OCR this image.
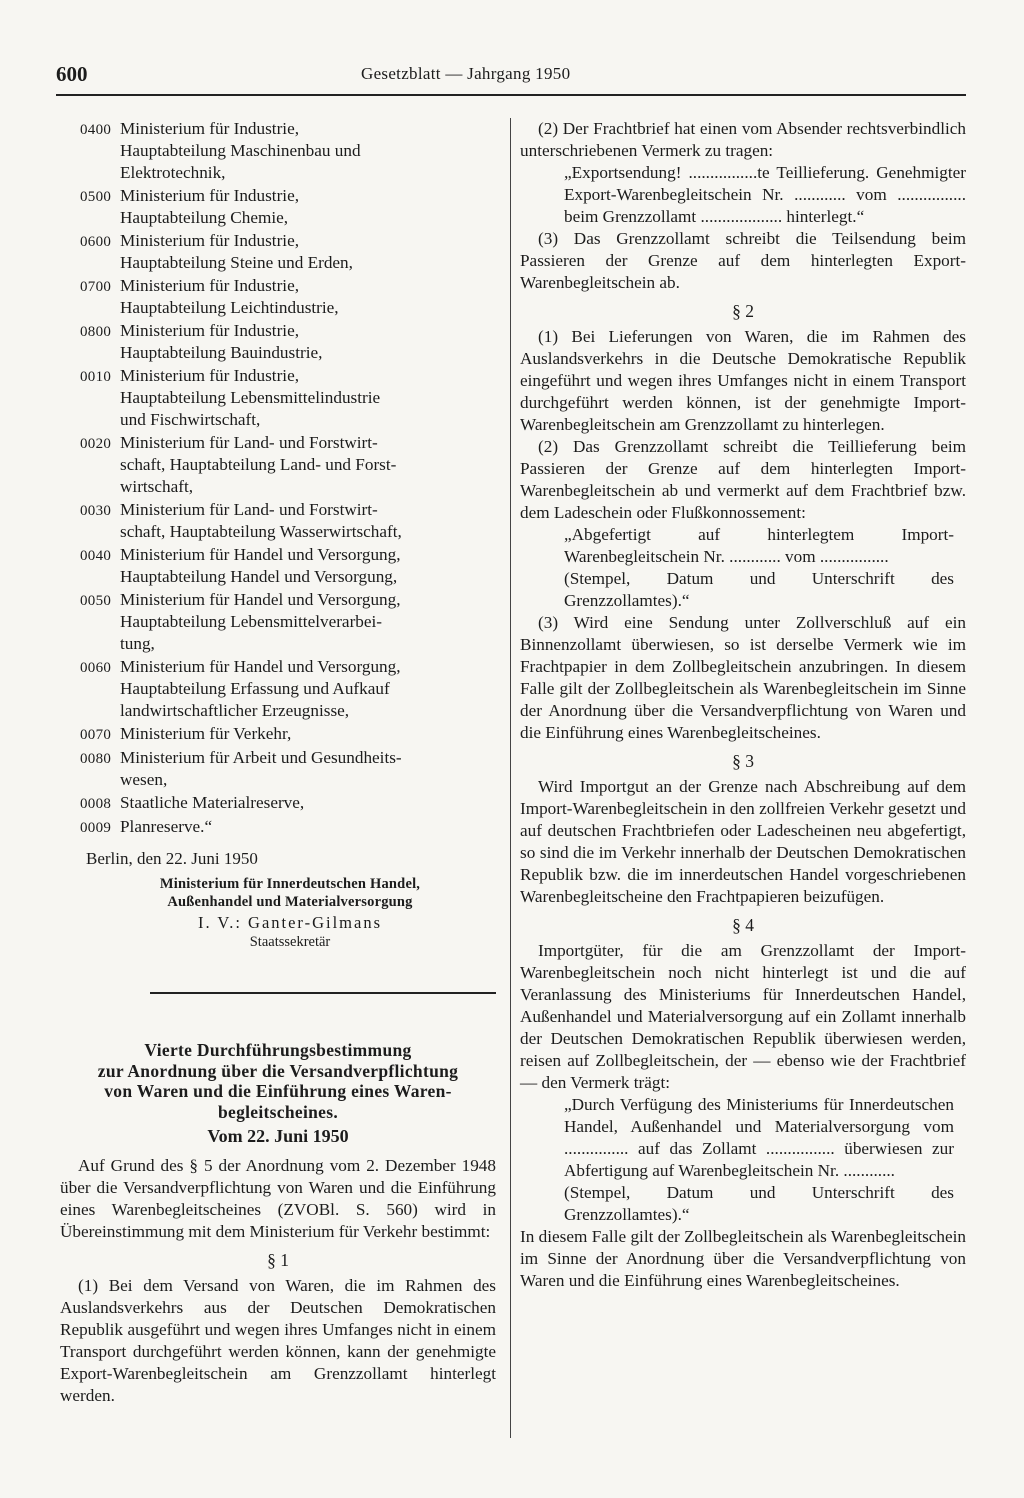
600	Gesetzblatt — Jahrgang 1950
0400 Ministerium für Industrie,
Hauptabteilung Maschinenbau und
Elektrotechnik,
0500 Ministerium für Industrie,
Hauptabteilung Chemie,
0600 Ministerium für Industrie,
Hauptabteilung Steine und Erden,
0700 Ministerium für Industrie,
Hauptabteilung Leichtindustrie,
0800 Ministerium für Industrie,
Hauptabteilung Bauindustrie,
0010 Ministerium für Industrie,
Hauptabteilung Lebensmittelindustrie
und Fischwirtschaft,
0020 Ministerium für Land- und Forstwirt-
schaft, Hauptabteilung Land- und Forst-
wirtschaft,
0030 Ministerium für Land- und Forstwirt-
schaft, Hauptabteilung Wasserwirtschaft,
0040 Ministerium für Handel und Versorgung,
Hauptabteilung Handel und Versorgung,
0050 Ministerium für Handel und Versorgung,
Hauptabteilung Lebensmittelverarbei-
tung,
0060 Ministerium für Handel und Versorgung,
Hauptabteilung Erfassung und Aufkauf
landwirtschaftlicher Erzeugnisse,
0070 Ministerium für Verkehr,
0080 Ministerium für Arbeit und Gesundheits-
wesen,
0008 Staatliche Materialreserve,
0009 Planreserve.“
Berlin, den 22. Juni 1950
Ministerium für Innerdeutschen Handel,
Außenhandel und Materialversorgung
I. V.: Ganter-Gilmans
Staatssekretär
Vierte Durchführungsbestimmung
zur Anordnung über die Versandverpflichtung
von Waren und die Einführung eines Waren-
begleitscheines.
Vom 22. Juni 1950

Auf Grund des § 5 der Anordnung vom 2. Dezember 1948 über die Versandverpflichtung von Waren und die Einführung eines Warenbegleitscheines (ZVOBl. S. 560) wird in Übereinstimmung mit dem Ministerium für Verkehr bestimmt:

§ 1

(1) Bei dem Versand von Waren, die im Rahmen des Auslandsverkehrs aus der Deutschen Demokratischen Republik ausgeführt und wegen ihres Umfanges nicht in einem Transport durchgeführt werden können, kann der genehmigte Export-Warenbegleitschein am Grenzzollamt hinterlegt werden.

(2) Der Frachtbrief hat einen vom Absender rechtsverbindlich unterschriebenen Vermerk zu tragen:

„Exportsendung! ................te Teillieferung. Genehmigter Export-Warenbegleitschein Nr. ............ vom ................ beim Grenzzollamt ................... hinterlegt.“

(3) Das Grenzzollamt schreibt die Teilsendung beim Passieren der Grenze auf dem hinterlegten Export-Warenbegleitschein ab.

§ 2

(1) Bei Lieferungen von Waren, die im Rahmen des Auslandsverkehrs in die Deutsche Demokratische Republik eingeführt und wegen ihres Umfanges nicht in einem Transport durchgeführt werden können, ist der genehmigte Import-Warenbegleitschein am Grenzzollamt zu hinterlegen.

(2) Das Grenzzollamt schreibt die Teillieferung beim Passieren der Grenze auf dem hinterlegten Import-Warenbegleitschein ab und vermerkt auf dem Frachtbrief bzw. dem Ladeschein oder Flußkonnossement:

„Abgefertigt auf hinterlegtem Import-Warenbegleitschein Nr. ............ vom ................
(Stempel, Datum und Unterschrift des Grenzzollamtes).“

(3) Wird eine Sendung unter Zollverschluß auf ein Binnenzollamt überwiesen, so ist derselbe Vermerk wie im Frachtpapier in dem Zollbegleitschein anzubringen. In diesem Falle gilt der Zollbegleitschein als Warenbegleitschein im Sinne der Anordnung über die Versandverpflichtung von Waren und die Einführung eines Warenbegleitscheines.

§ 3

Wird Importgut an der Grenze nach Abschreibung auf dem Import-Warenbegleitschein in den zollfreien Verkehr gesetzt und auf deutschen Frachtbriefen oder Ladescheinen neu abgefertigt, so sind die im Verkehr innerhalb der Deutschen Demokratischen Republik bzw. die im innerdeutschen Handel vorgeschriebenen Warenbegleitscheine den Frachtpapieren beizufügen.

§ 4

Importgüter, für die am Grenzzollamt der Import-Warenbegleitschein noch nicht hinterlegt ist und die auf Veranlassung des Ministeriums für Innerdeutschen Handel, Außenhandel und Materialversorgung auf ein Zollamt innerhalb der Deutschen Demokratischen Republik überwiesen werden, reisen auf Zollbegleitschein, der — ebenso wie der Frachtbrief — den Vermerk trägt:

„Durch Verfügung des Ministeriums für Innerdeutschen Handel, Außenhandel und Materialversorgung vom ............... auf das Zollamt ................ überwiesen zur Abfertigung auf Warenbegleitschein Nr. ............
(Stempel, Datum und Unterschrift des Grenzzollamtes).“

In diesem Falle gilt der Zollbegleitschein als Warenbegleitschein im Sinne der Anordnung über die Versandverpflichtung von Waren und die Einführung eines Warenbegleitscheines.
